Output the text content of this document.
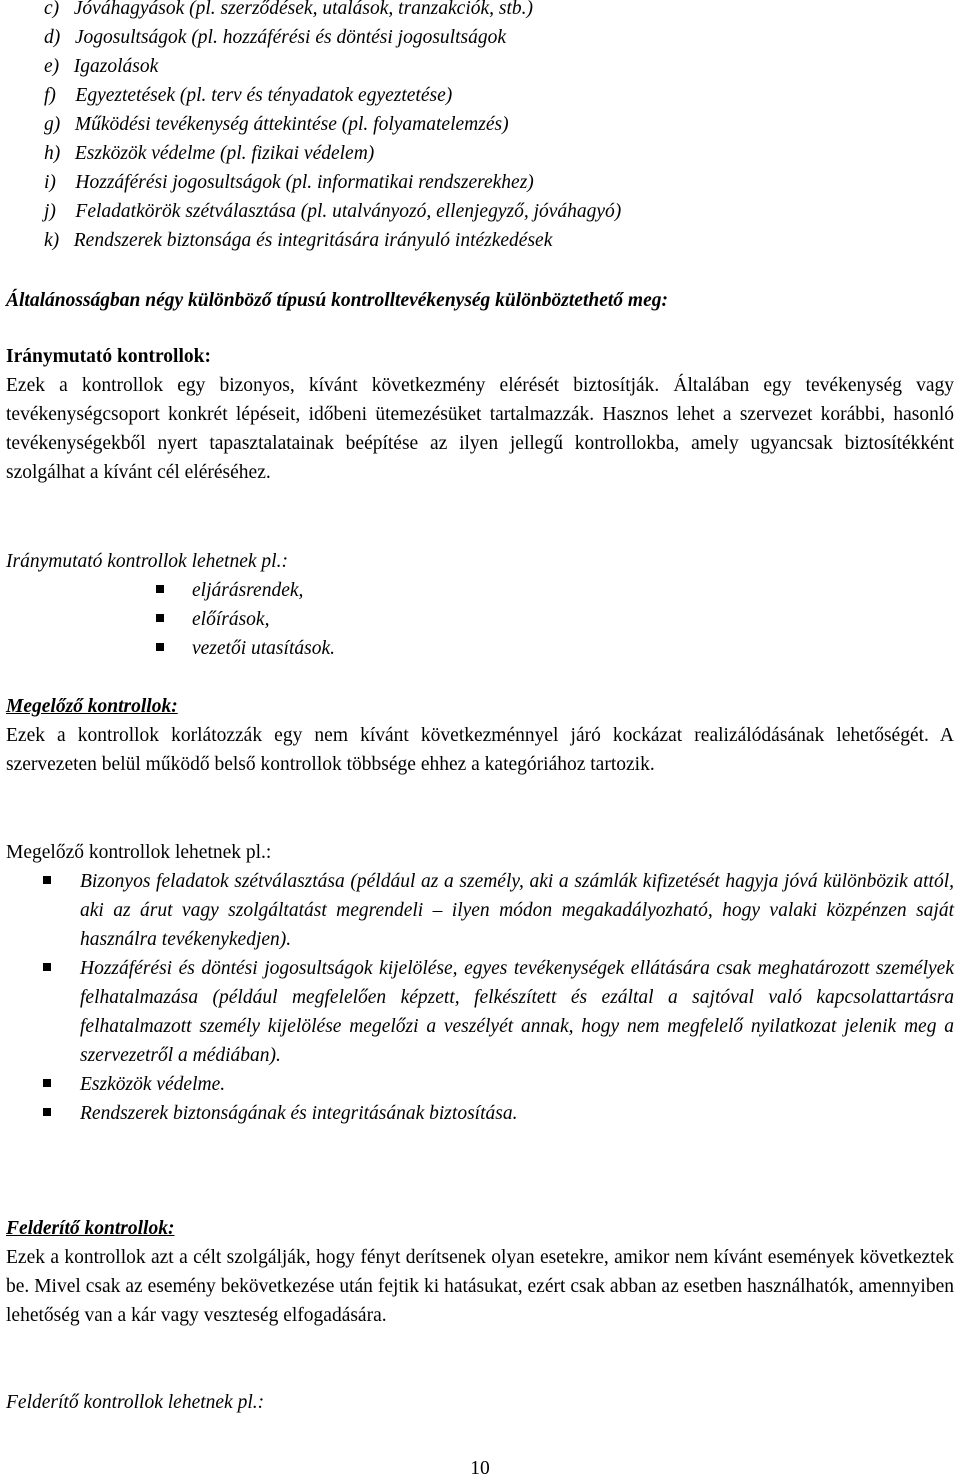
c)   Jóváhagyások (pl. szerződések, utalások, tranzakciók, stb.)
d)   Jogosultságok (pl. hozzáférési és döntési jogosultságok
e)   Igazolások
f)    Egyeztetések (pl. terv és tényadatok egyeztetése)
g)   Működési tevékenység áttekintése (pl. folyamatelemzés)
h)   Eszközök védelme (pl. fizikai védelem)
i)    Hozzáférési jogosultságok (pl. informatikai rendszerekhez)
j)    Feladatkörök szétválasztása (pl. utalványozó, ellenjegyző, jóváhagyó)
k)   Rendszerek biztonsága és integritására irányuló intézkedések
Általánosságban négy különböző típusú kontrolltevékenység különböztethető meg:
Iránymutató kontrollok:
Ezek a kontrollok egy bizonyos, kívánt következmény elérését biztosítják. Általában egy tevékenység vagy tevékenységcsoport konkrét lépéseit, időbeni ütemezésüket tartalmazzák. Hasznos lehet a szervezet korábbi, hasonló tevékenységekből nyert tapasztalatainak beépítése az ilyen jellegű kontrollokba, amely ugyancsak biztosítékként szolgálhat a kívánt cél eléréséhez.
Iránymutató kontrollok lehetnek pl.:
eljárásrendek,
előírások,
vezetői utasítások.
Megelőző kontrollok:
Ezek a kontrollok korlátozzák egy nem kívánt következménnyel járó kockázat realizálódásának lehetőségét. A szervezeten belül működő belső kontrollok többsége ehhez a kategóriához tartozik.
Megelőző kontrollok lehetnek pl.:
Bizonyos feladatok szétválasztása (például az a személy, aki a számlák kifizetését hagyja jóvá különbözik attól, aki az árut vagy szolgáltatást megrendeli – ilyen módon megakadályozható, hogy valaki közpénzen saját használra tevékenykedjen).
Hozzáférési és döntési jogosultságok kijelölése, egyes tevékenységek ellátására csak meghatározott személyek felhatalmazása (például megfelelően képzett, felkészített és ezáltal a sajtóval való kapcsolattartásra felhatalmazott személy kijelölése megelőzi a veszélyét annak, hogy nem megfelelő nyilatkozat jelenik meg a szervezetről a médiában).
Eszközök védelme.
Rendszerek biztonságának és integritásának biztosítása.
Felderítő kontrollok:
Ezek a kontrollok azt a célt szolgálják, hogy fényt derítsenek olyan esetekre, amikor nem kívánt események következtek be. Mivel csak az esemény bekövetkezése után fejtik ki hatásukat, ezért csak abban az esetben használhatók, amennyiben lehetőség van a kár vagy veszteség elfogadására.
Felderítő kontrollok lehetnek pl.:
10
